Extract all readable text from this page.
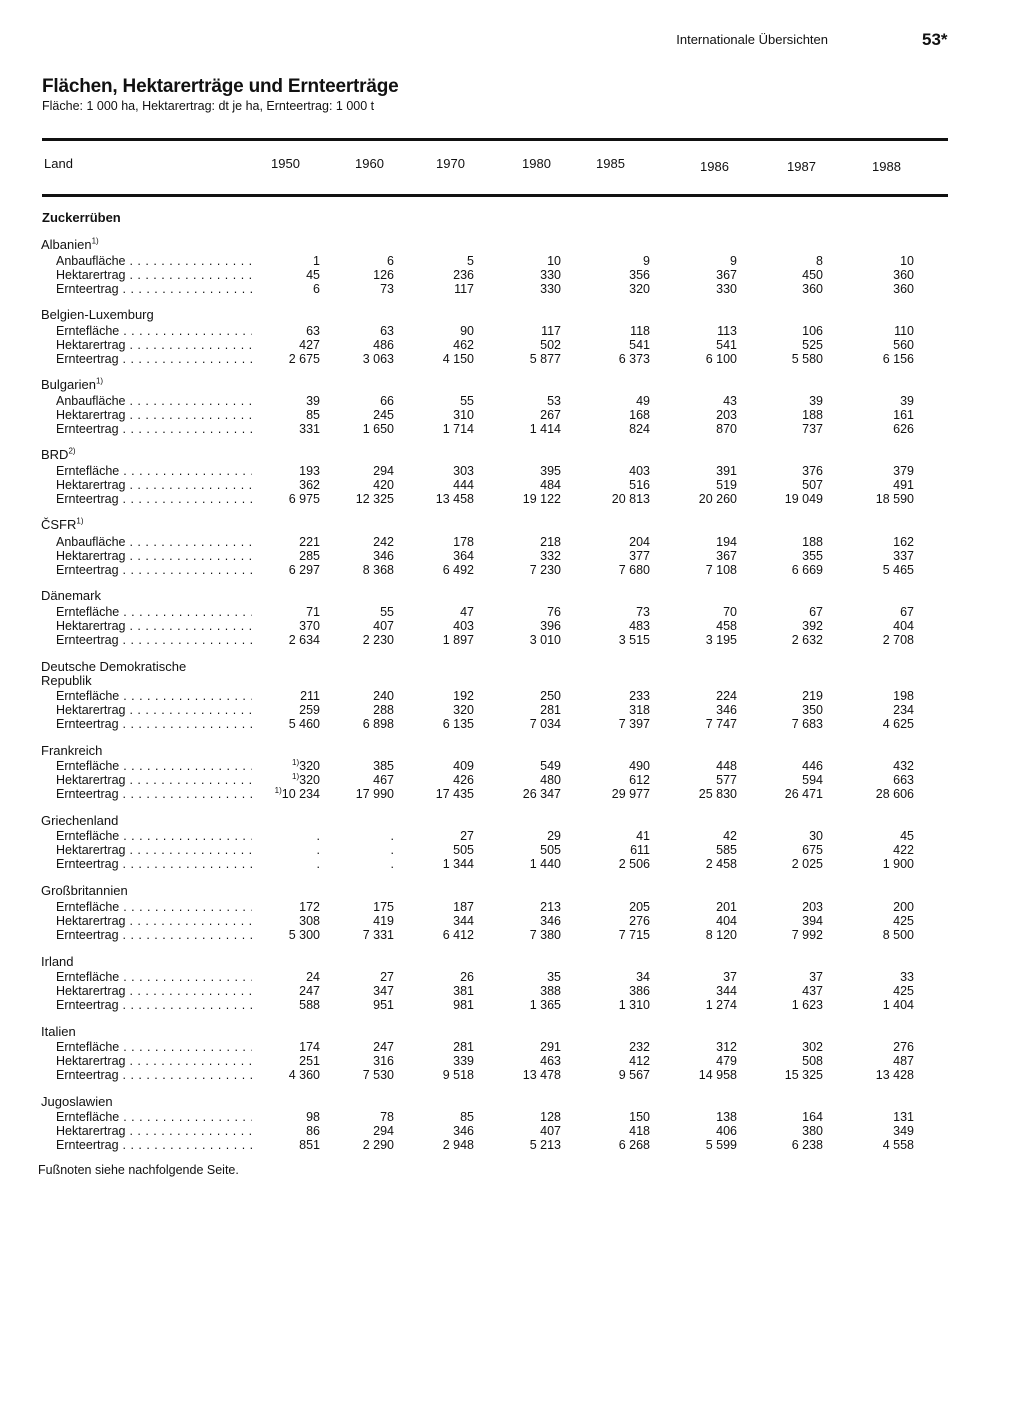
Internationale Übersichten	53*
Flächen, Hektarerträge und Ernteerträge
Fläche: 1 000 ha, Hektarertrag: dt je ha, Ernteertrag: 1 000 t
Land	1950	1960	1970	1980	1985	1986	1987	1988
Zuckerrüben
Albanien$^{1)}$
Anbaufläche . . .	1	6	5	10	9	9	8	10
Hektarertrag . . .	45	126	236	330	356	367	450	360
Ernteertrag . . .	6	73	117	330	320	330	360	360
Belgien-Luxemburg
Erntefläche . . .	63	63	90	117	118	113	106	110
Hektarertrag . . .	427	486	462	502	541	541	525	560
Ernteertrag . . .	2 675	3 063	4 150	5 877	6 373	6 100	5 580	6 156
Bulgarien$^{1)}$
Anbaufläche . . .	39	66	55	53	49	43	39	39
Hektarertrag . . .	85	245	310	267	168	203	188	161
Ernteertrag . . .	331	1 650	1 714	1 414	824	870	737	626
BRD$^{2)}$
Erntefläche . . .	193	294	303	395	403	391	376	379
Hektarertrag . . .	362	420	444	484	516	519	507	491
Ernteertrag . . .	6 975	12 325	13 458	19 122	20 813	20 260	19 049	18 590
ČSFR$^{1)}$
Anbaufläche . . .	221	242	178	218	204	194	188	162
Hektarertrag . . .	285	346	364	332	377	367	355	337
Ernteertrag . . .	6 297	8 368	6 492	7 230	7 680	7 108	6 669	5 465
Dänemark
Erntefläche . . .	71	55	47	76	73	70	67	67
Hektarertrag . . .	370	407	403	396	483	458	392	404
Ernteertrag . . .	2 634	2 230	1 897	3 010	3 515	3 195	2 632	2 708
Deutsche Demokratische Republik
Erntefläche . . .	211	240	192	250	233	224	219	198
Hektarertrag . . .	259	288	320	281	318	346	350	234
Ernteertrag . . .	5 460	6 898	6 135	7 034	7 397	7 747	7 683	4 625
Frankreich
Erntefläche . . .	$^{1)}$320	385	409	549	490	448	446	432
Hektarertrag . . .	$^{1)}$320	467	426	480	612	577	594	663
Ernteertrag . . .	$^{1)}$10 234	17 990	17 435	26 347	29 977	25 830	26 471	28 606
Griechenland
Erntefläche . . .	.	.	27	29	41	42	30	45
Hektarertrag . . .	.	.	505	505	611	585	675	422
Ernteertrag . . .	.	.	1 344	1 440	2 506	2 458	2 025	1 900
Großbritannien
Erntefläche . . .	172	175	187	213	205	201	203	200
Hektarertrag . . .	308	419	344	346	276	404	394	425
Ernteertrag . . .	5 300	7 331	6 412	7 380	7 715	8 120	7 992	8 500
Irland
Erntefläche . . .	24	27	26	35	34	37	37	33
Hektarertrag . . .	247	347	381	388	386	344	437	425
Ernteertrag . . .	588	951	981	1 365	1 310	1 274	1 623	1 404
Italien
Erntefläche . . .	174	247	281	291	232	312	302	276
Hektarertrag . . .	251	316	339	463	412	479	508	487
Ernteertrag . . .	4 360	7 530	9 518	13 478	9 567	14 958	15 325	13 428
Jugoslawien
Erntefläche . . .	98	78	85	128	150	138	164	131
Hektarertrag . . .	86	294	346	407	418	406	380	349
Ernteertrag . . .	851	2 290	2 948	5 213	6 268	5 599	6 238	4 558
Fußnoten siehe nachfolgende Seite.
